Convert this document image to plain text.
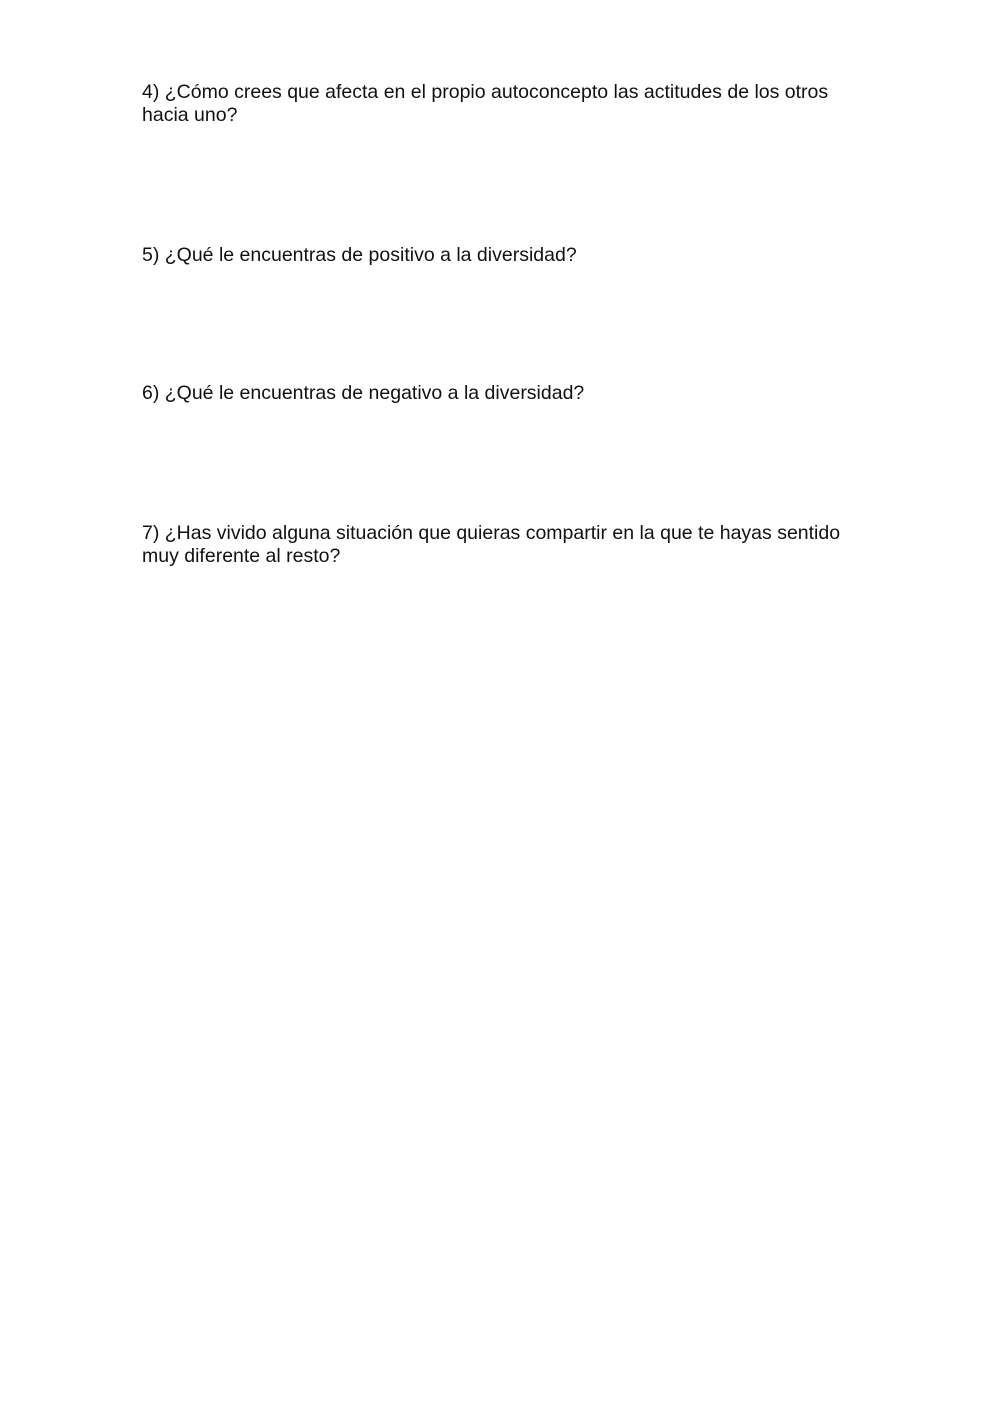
4) ¿Cómo crees que afecta en el propio autoconcepto las actitudes de los otros hacia uno?

5) ¿Qué le encuentras de positivo a la diversidad?

6) ¿Qué le encuentras de negativo a la diversidad?

7) ¿Has vivido alguna situación que quieras compartir en la que te hayas sentido muy diferente al resto?
